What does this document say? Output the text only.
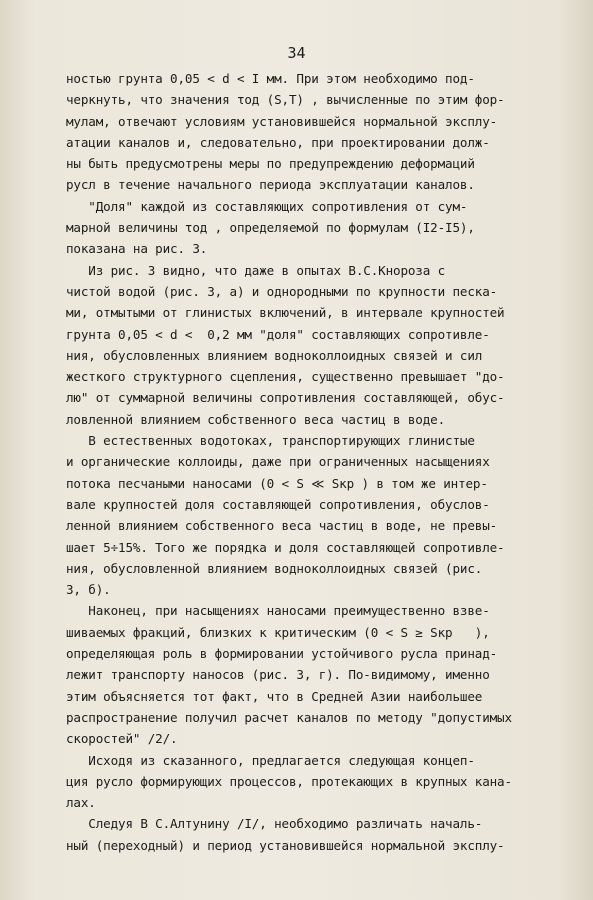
34
ностью грунта 0,05 < d < I мм. При этом необходимо под-
черкнуть, что значения τод (S,T) , вычисленные по этим фор-
мулам, отвечают условиям установившейся нормальной эксплу-
атации каналов и, следовательно, при проектировании долж-
ны быть предусмотрены меры по предупреждению деформаций
русл в течение начального периода эксплуатации каналов.
"Доля" каждой из составляющих сопротивления от сум-
марной величины τод , определяемой по формулам (I2-I5),
показана на рис. 3.
Из рис. 3 видно, что даже в опытах В.С.Кнороза с
чистой водой (рис. 3, а) и однородными по крупности песка-
ми, отмытыми от глинистых включений, в интервале крупностей
грунта 0,05 < d <  0,2 мм "доля" составляющих сопротивле-
ния, обусловленных влиянием водноколлоидных связей и сил
жесткого структурного сцепления, существенно превышает "до-
лю" от суммарной величины сопротивления составляющей, обус-
ловленной влиянием собственного веса частиц в воде.
В естественных водотоках, транспортирующих глинистые
и органические коллоиды, даже при ограниченных насыщениях
потока песчаными наносами (0 < S ≪ Sкр ) в том же интер-
вале крупностей доля составляющей сопротивления, обуслов-
ленной влиянием собственного веса частиц в воде, не превы-
шает 5÷15%. Того же порядка и доля составляющей сопротивле-
ния, обусловленной влиянием водноколлоидных связей (рис.
3, б).
Наконец, при насыщениях наносами преимущественно взве-
шиваемых фракций, близких к критическим (0 < S ≥ Sкр   ),
определяющая роль в формировании устойчивого русла принад-
лежит транспорту наносов (рис. 3, г). По-видимому, именно
этим объясняется тот факт, что в Средней Азии наибольшее
распространение получил расчет каналов по методу "допустимых
скоростей" /2/.
Исходя из сказанного, предлагается следующая концеп-
ция русло формирующих процессов, протекающих в крупных кана-
лах.
Следуя В С.Алтунину /I/, необходимо различать началь-
ный (переходный) и период установившейся нормальной эксплу-
